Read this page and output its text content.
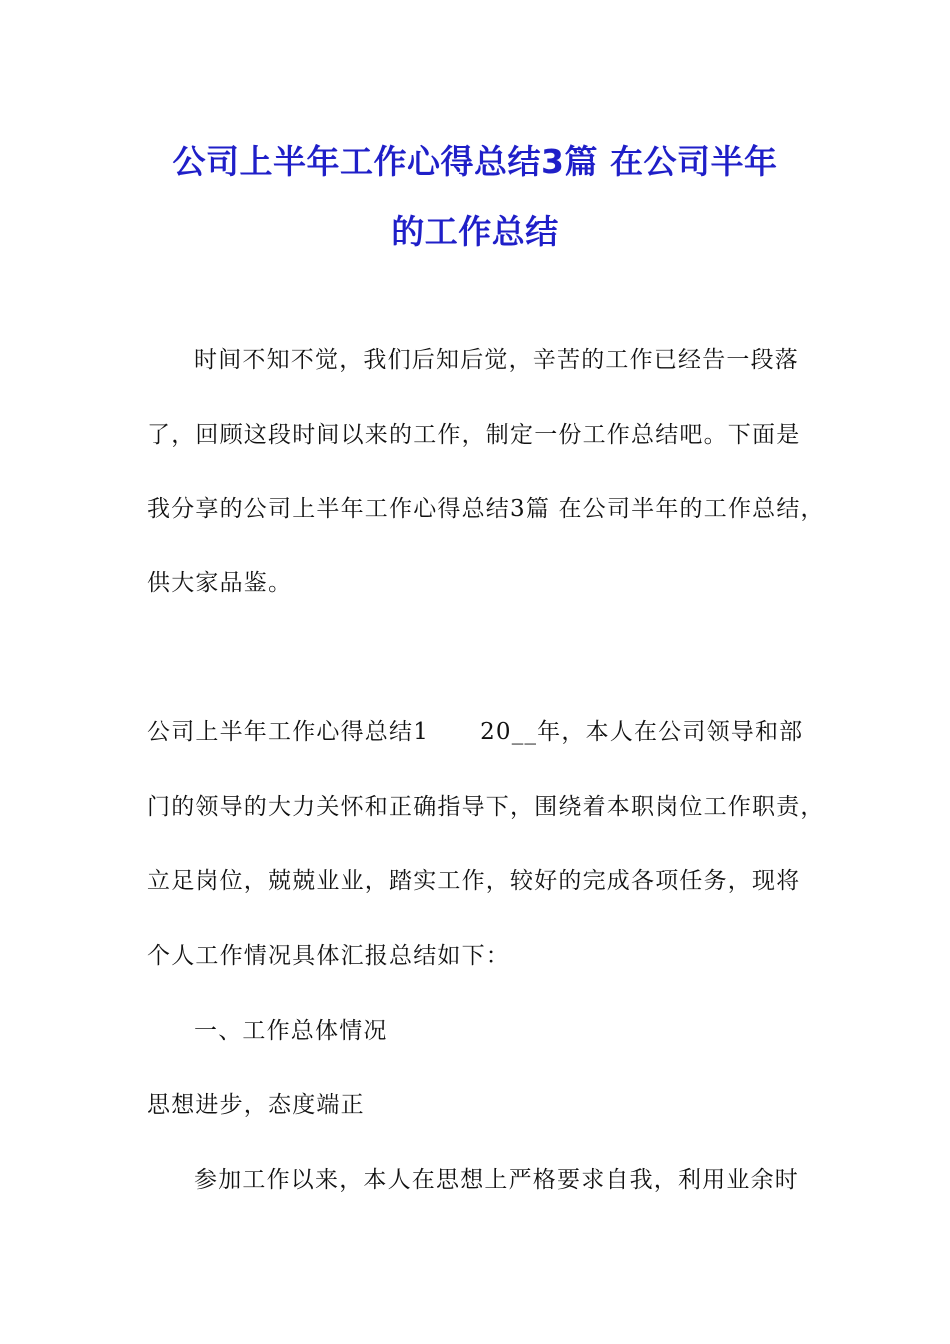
公司上半年工作心得总结3篇 在公司半年
的工作总结
时间不知不觉，我们后知后觉，辛苦的工作已经告一段落
了，回顾这段时间以来的工作，制定一份工作总结吧。下面是
我分享的公司上半年工作心得总结3篇 在公司半年的工作总结，
供大家品鉴。
公司上半年工作心得总结1      20__年，本人在公司领导和部
门的领导的大力关怀和正确指导下，围绕着本职岗位工作职责，
立足岗位，兢兢业业，踏实工作，较好的完成各项任务，现将
个人工作情况具体汇报总结如下：
一、工作总体情况
思想进步，态度端正
参加工作以来，本人在思想上严格要求自我，利用业余时
